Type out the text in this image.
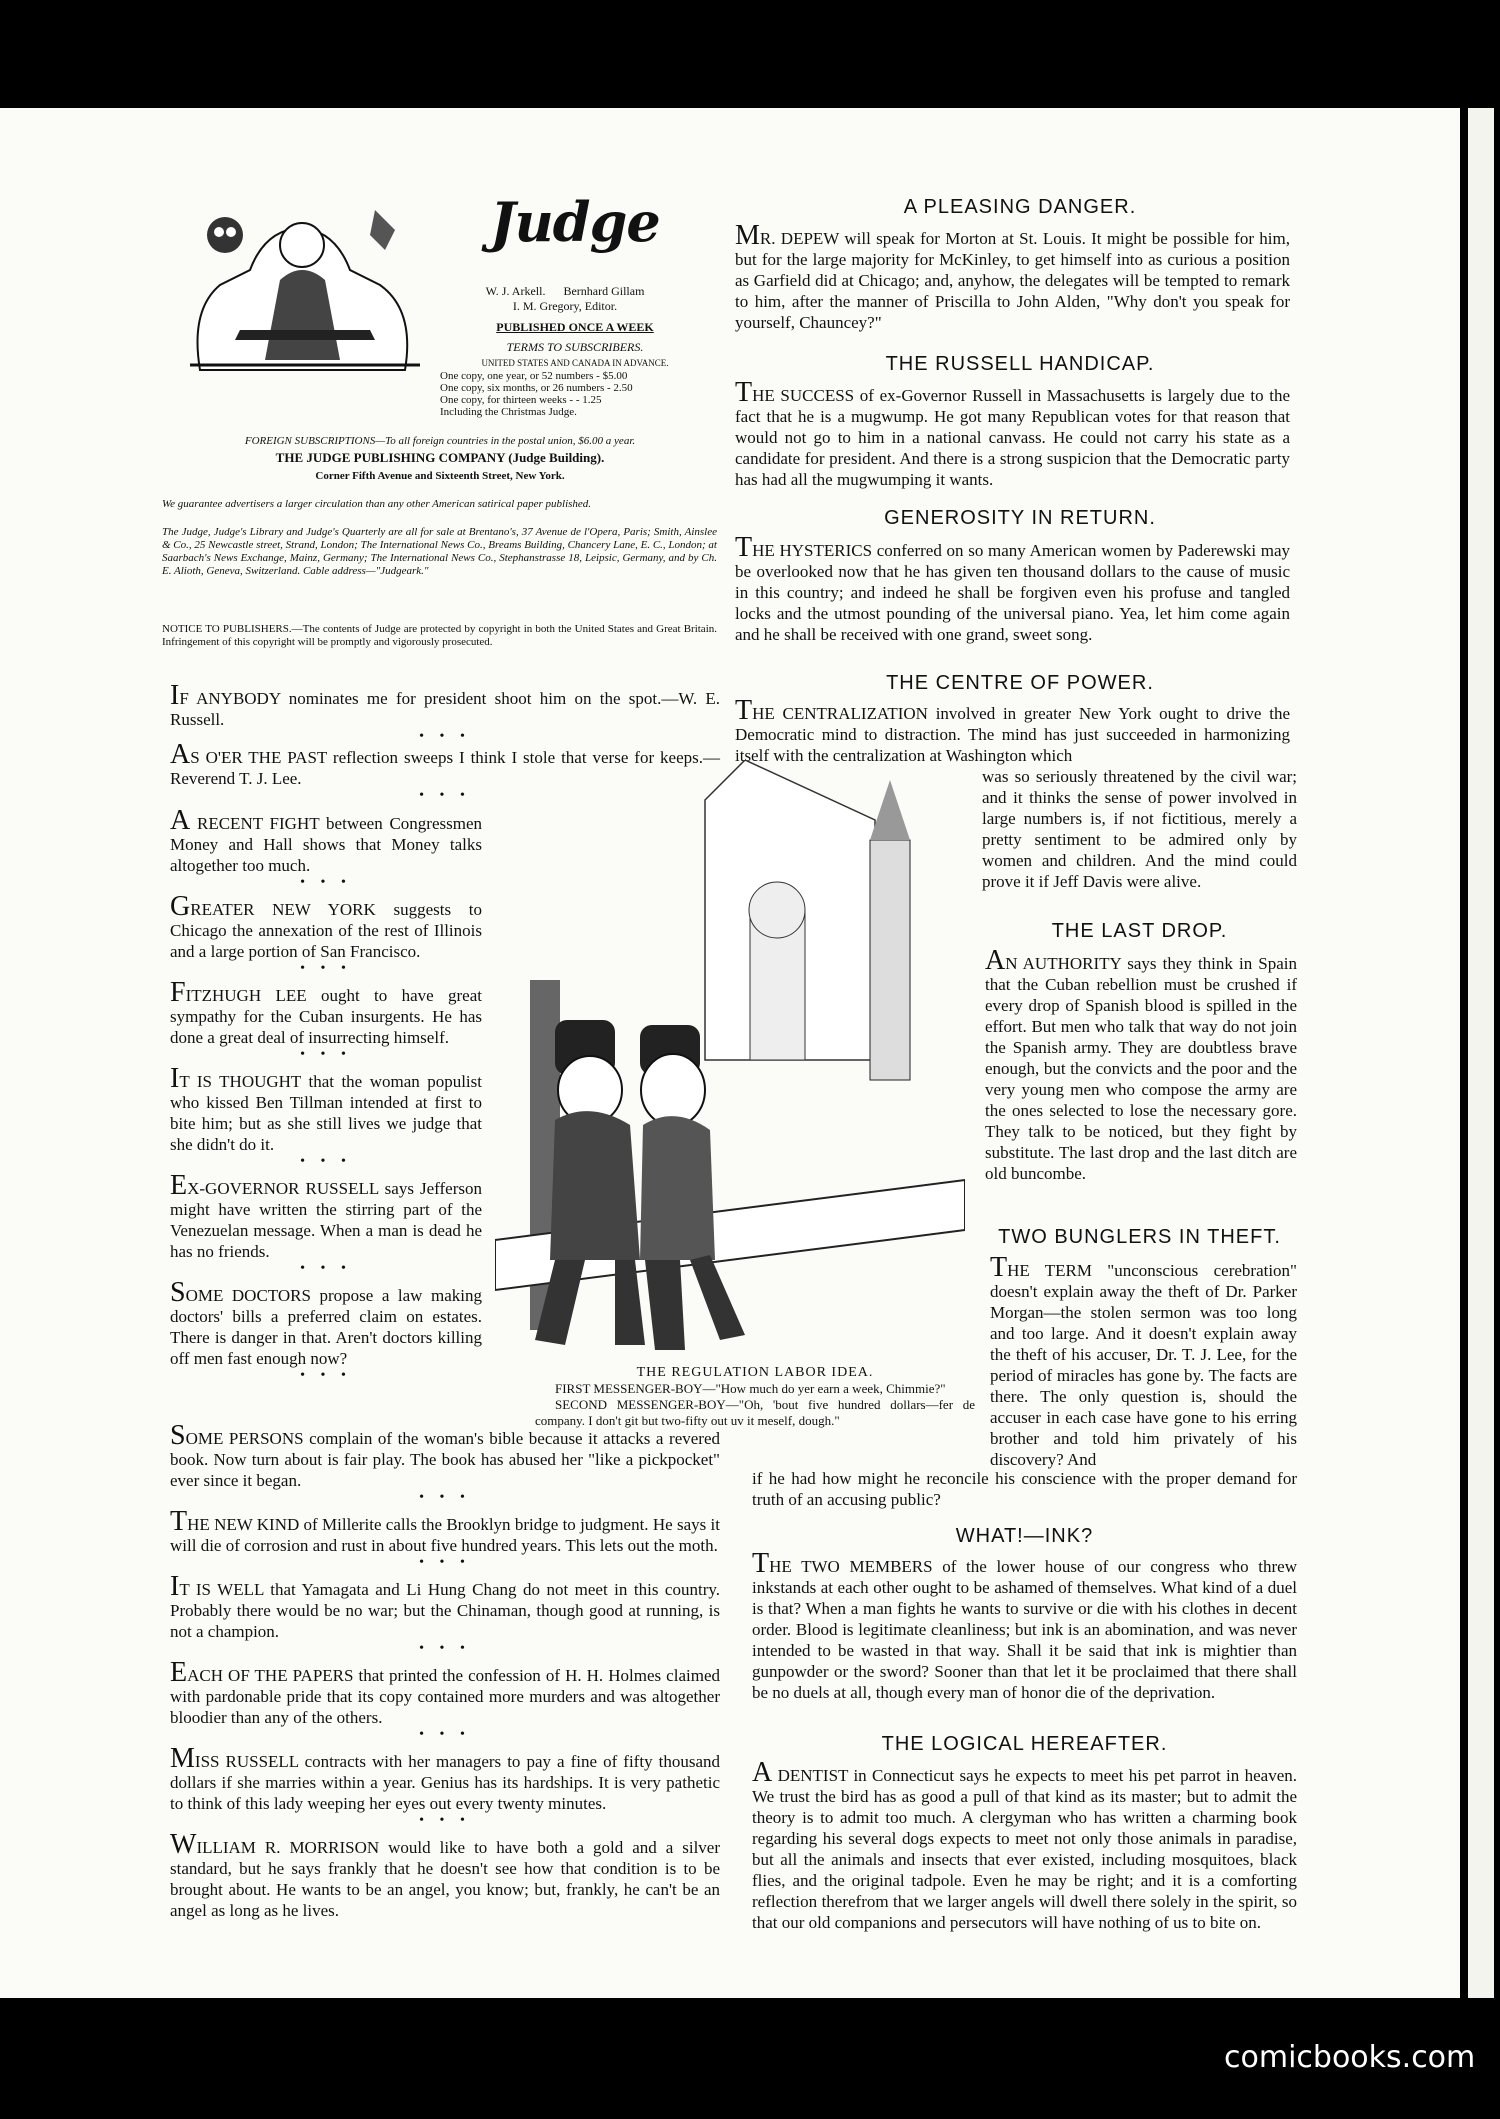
Judge
W. J. Arkell. Bernhard Gillam
I. M. Gregory, Editor.
PUBLISHED ONCE A WEEK
TERMS TO SUBSCRIBERS.
UNITED STATES AND CANADA IN ADVANCE.
One copy, one year, or 52 numbers - $5.00
One copy, six months, or 26 numbers - 2.50
One copy, for thirteen weeks - - 1.25
Including the Christmas Judge.
FOREIGN SUBSCRIPTIONS—To all foreign countries in the postal union, $6.00 a year.
THE JUDGE PUBLISHING COMPANY (Judge Building).
Corner Fifth Avenue and Sixteenth Street, New York.
We guarantee advertisers a larger circulation than any other American satirical paper published.
The Judge, Judge's Library and Judge's Quarterly are all for sale at Brentano's, 37 Avenue de l'Opera, Paris; Smith, Ainslee & Co., 25 Newcastle street, Strand, London; The International News Co., Breams Building, Chancery Lane, E. C., London; at Saarbach's News Exchange, Mainz, Germany; The International News Co., Stephanstrasse 18, Leipsic, Germany, and by Ch. E. Alioth, Geneva, Switzerland. Cable address—"Judgeark."
NOTICE TO PUBLISHERS.—The contents of Judge are protected by copyright in both the United States and Great Britain. Infringement of this copyright will be promptly and vigorously prosecuted.

IF ANYBODY nominates me for president shoot him on the spot.—W. E. Russell.

• • •

AS O'ER THE PAST reflection sweeps I think I stole that verse for keeps.—Reverend T. J. Lee.

• • •

A RECENT FIGHT between Congressmen Money and Hall shows that Money talks altogether too much.

• • •

GREATER NEW YORK suggests to Chicago the annexation of the rest of Illinois and a large portion of San Francisco.

• • •

FITZHUGH LEE ought to have great sympathy for the Cuban insurgents. He has done a great deal of insurrecting himself.

• • •

IT IS THOUGHT that the woman populist who kissed Ben Tillman intended at first to bite him; but as she still lives we judge that she didn't do it.

• • •

EX-GOVERNOR RUSSELL says Jefferson might have written the stirring part of the Venezuelan message. When a man is dead he has no friends.

• • •

SOME DOCTORS propose a law making doctors' bills a preferred claim on estates. There is danger in that. Aren't doctors killing off men fast enough now?

• • •

SOME PERSONS complain of the woman's bible because it attacks a revered book. Now turn about is fair play. The book has abused her "like a pickpocket" ever since it began.

• • •

THE NEW KIND of Millerite calls the Brooklyn bridge to judgment. He says it will die of corrosion and rust in about five hundred years. This lets out the moth.

• • •

IT IS WELL that Yamagata and Li Hung Chang do not meet in this country. Probably there would be no war; but the Chinaman, though good at running, is not a champion.

• • •

EACH OF THE PAPERS that printed the confession of H. H. Holmes claimed with pardonable pride that its copy contained more murders and was altogether bloodier than any of the others.

• • •

MISS RUSSELL contracts with her managers to pay a fine of fifty thousand dollars if she marries within a year. Genius has its hardships. It is very pathetic to think of this lady weeping her eyes out every twenty minutes.

• • •

WILLIAM R. MORRISON would like to have both a gold and a silver standard, but he says frankly that he doesn't see how that condition is to be brought about. He wants to be an angel, you know; but, frankly, he can't be an angel as long as he lives.

A PLEASING DANGER.

MR. DEPEW will speak for Morton at St. Louis. It might be possible for him, but for the large majority for McKinley, to get himself into as curious a position as Garfield did at Chicago; and, anyhow, the delegates will be tempted to remark to him, after the manner of Priscilla to John Alden, "Why don't you speak for yourself, Chauncey?"

THE RUSSELL HANDICAP.

THE SUCCESS of ex-Governor Russell in Massachusetts is largely due to the fact that he is a mugwump. He got many Republican votes for that reason that would not go to him in a national canvass. He could not carry his state as a candidate for president. And there is a strong suspicion that the Democratic party has had all the mugwumping it wants.

GENEROSITY IN RETURN.

THE HYSTERICS conferred on so many American women by Paderewski may be overlooked now that he has given ten thousand dollars to the cause of music in this country; and indeed he shall be forgiven even his profuse and tangled locks and the utmost pounding of the universal piano. Yea, let him come again and he shall be received with one grand, sweet song.

THE CENTRE OF POWER.

THE CENTRALIZATION involved in greater New York ought to drive the Democratic mind to distraction. The mind has just succeeded in harmonizing itself with the centralization at Washington which

was so seriously threatened by the civil war; and it thinks the sense of power involved in large numbers is, if not fictitious, merely a pretty sentiment to be admired only by women and children. And the mind could prove it if Jeff Davis were alive.

THE LAST DROP.

AN AUTHORITY says they think in Spain that the Cuban rebellion must be crushed if every drop of Spanish blood is spilled in the effort. But men who talk that way do not join the Spanish army. They are doubtless brave enough, but the convicts and the poor and the very young men who compose the army are the ones selected to lose the necessary gore. They talk to be noticed, but they fight by substitute. The last drop and the last ditch are old buncombe.

TWO BUNGLERS IN THEFT.

THE TERM "unconscious cerebration" doesn't explain away the theft of Dr. Parker Morgan—the stolen sermon was too long and too large. And it doesn't explain away the theft of his accuser, Dr. T. J. Lee, for the period of miracles has gone by. The facts are there. The only question is, should the accuser in each case have gone to his erring brother and told him privately of his discovery? And

if he had how might he reconcile his conscience with the proper demand for truth of an accusing public?

WHAT!—INK?

THE TWO MEMBERS of the lower house of our congress who threw inkstands at each other ought to be ashamed of themselves. What kind of a duel is that? When a man fights he wants to survive or die with his clothes in decent order. Blood is legitimate cleanliness; but ink is an abomination, and was never intended to be wasted in that way. Shall it be said that ink is mightier than gunpowder or the sword? Sooner than that let it be proclaimed that there shall be no duels at all, though every man of honor die of the deprivation.

THE LOGICAL HEREAFTER.

A DENTIST in Connecticut says he expects to meet his pet parrot in heaven. We trust the bird has as good a pull of that kind as its master; but to admit the theory is to admit too much. A clergyman who has written a charming book regarding his several dogs expects to meet not only those animals in paradise, but all the animals and insects that ever existed, including mosquitoes, black flies, and the original tadpole. Even he may be right; and it is a comforting reflection therefrom that we larger angels will dwell there solely in the spirit, so that our old companions and persecutors will have nothing of us to bite on.

THE REGULATION LABOR IDEA.
FIRST MESSENGER-BOY—"How much do yer earn a week, Chimmie?"
SECOND MESSENGER-BOY—"Oh, 'bout five hundred dollars—fer de company. I don't git but two-fifty out uv it meself, dough."
comicbooks.com
